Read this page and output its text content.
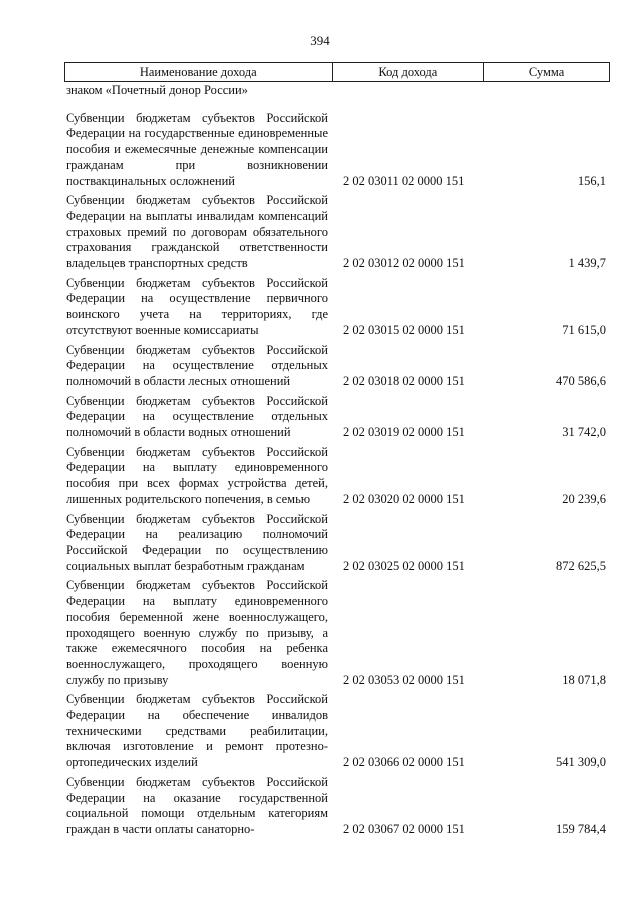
394
Наименование дохода	Код дохода	Сумма
знаком «Почетный донор России»
Субвенции бюджетам субъектов Российской Федерации на государственные единовременные пособия и ежемесячные денежные компенсации гражданам при возникновении поствакцинальных осложнений	2 02 03011 02 0000 151	156,1
Субвенции бюджетам субъектов Российской Федерации на выплаты инвалидам компенсаций страховых премий по договорам обязательного страхования гражданской ответственности владельцев транспортных средств	2 02 03012 02 0000 151	1 439,7
Субвенции бюджетам субъектов Российской Федерации на осуществление первичного воинского учета на территориях, где отсутствуют военные комиссариаты	2 02 03015 02 0000 151	71 615,0
Субвенции бюджетам субъектов Российской Федерации на осуществление отдельных полномочий в области лесных отношений	2 02 03018 02 0000 151	470 586,6
Субвенции бюджетам субъектов Российской Федерации на осуществление отдельных полномочий в области водных отношений	2 02 03019 02 0000 151	31 742,0
Субвенции бюджетам субъектов Российской Федерации на выплату единовременного пособия при всех формах устройства детей, лишенных родительского попечения, в семью	2 02 03020 02 0000 151	20 239,6
Субвенции бюджетам субъектов Российской Федерации на реализацию полномочий Российской Федерации по осуществлению социальных выплат безработным гражданам	2 02 03025 02 0000 151	872 625,5
Субвенции бюджетам субъектов Российской Федерации на выплату единовременного пособия беременной жене военнослужащего, проходящего военную службу по призыву, а также ежемесячного пособия на ребенка военнослужащего, проходящего военную службу по призыву	2 02 03053 02 0000 151	18 071,8
Субвенции бюджетам субъектов Российской Федерации на обеспечение инвалидов техническими средствами реабилитации, включая изготовление и ремонт протезно-ортопедических изделий	2 02 03066 02 0000 151	541 309,0
Субвенции бюджетам субъектов Российской Федерации на оказание государственной социальной помощи отдельным категориям граждан в части оплаты санаторно-	2 02 03067 02 0000 151	159 784,4
